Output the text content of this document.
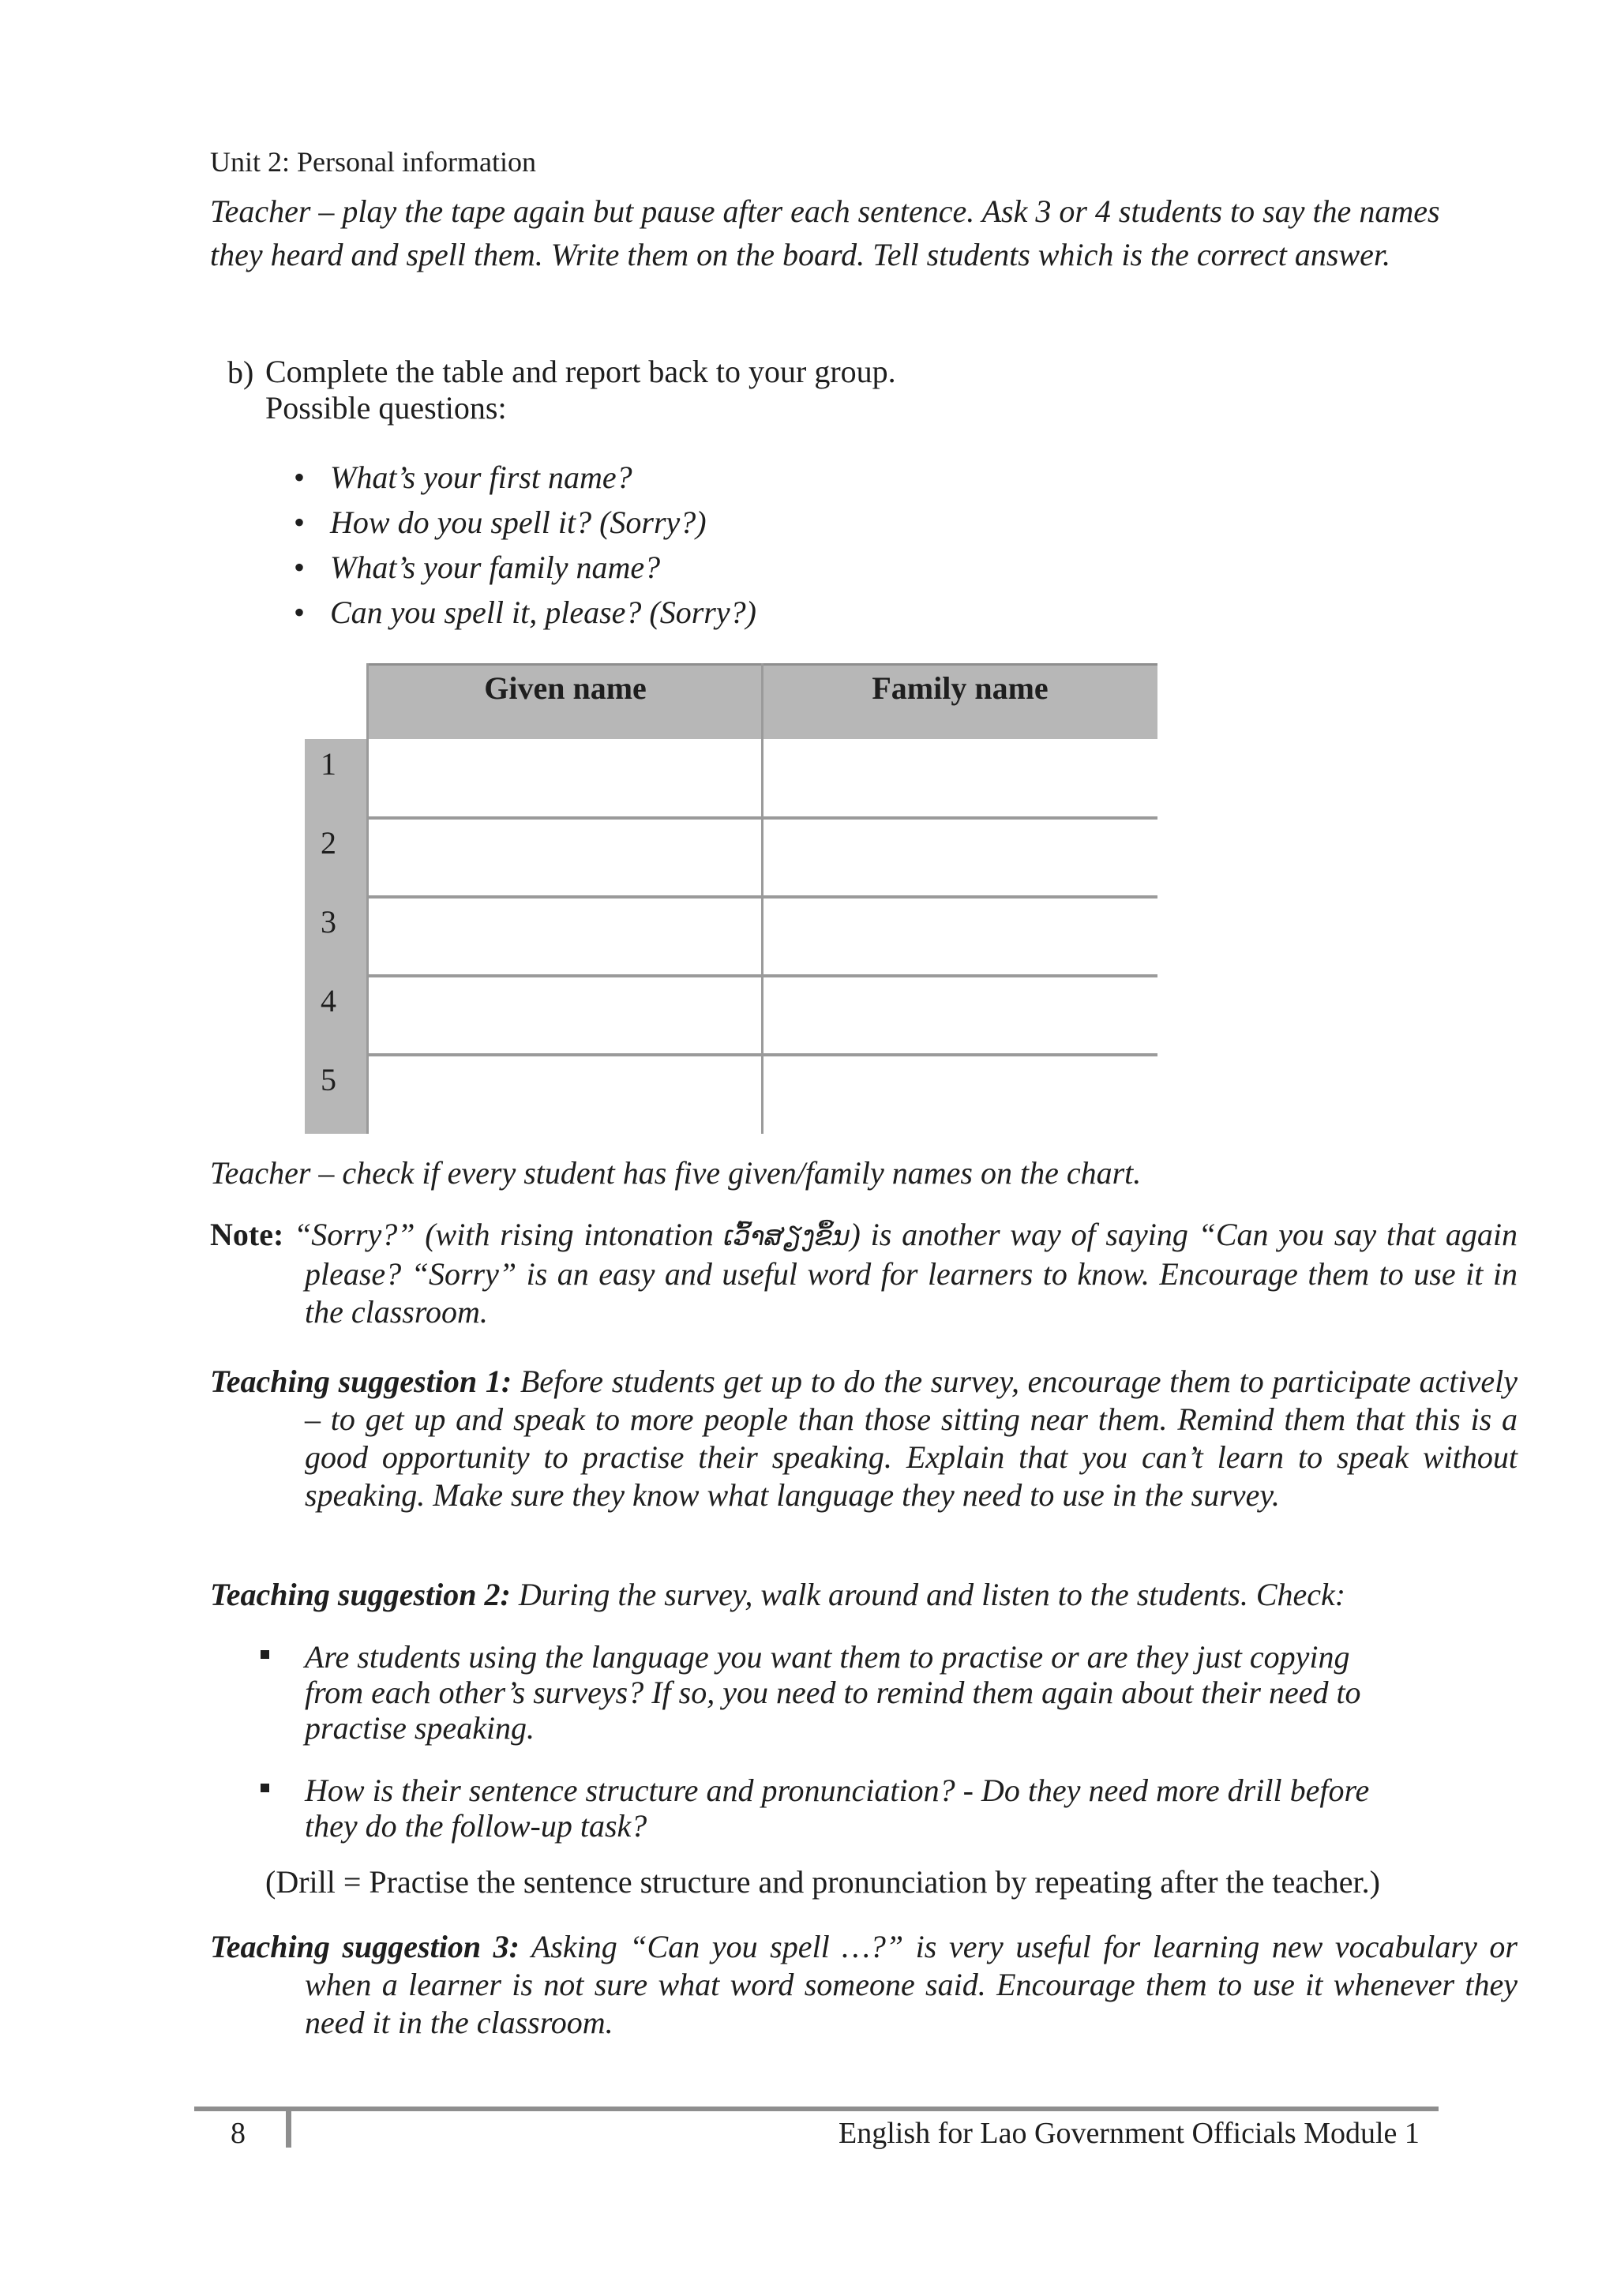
Unit 2: Personal information
Teacher – play the tape again but pause after each sentence. Ask 3 or 4 students to say the names they heard and spell them. Write them on the board. Tell students which is the correct answer.
b) Complete the table and report back to your group.
Possible questions:
• What’s your first name?
• How do you spell it? (Sorry?)
• What’s your family name?
• Can you spell it, please? (Sorry?)
Given name	Family name
1
2
3
4
5
Teacher – check if every student has five given/family names on the chart.
Note: “Sorry?” (with rising intonation ເວົ້າສຽງຂຶ້ນ) is another way of saying “Can you say that again please? “Sorry” is an easy and useful word for learners to know. Encourage them to use it in the classroom.
Teaching suggestion 1: Before students get up to do the survey, encourage them to participate actively – to get up and speak to more people than those sitting near them. Remind them that this is a good opportunity to practise their speaking. Explain that you can’t learn to speak without speaking. Make sure they know what language they need to use in the survey.
Teaching suggestion 2: During the survey, walk around and listen to the students. Check:
Are students using the language you want them to practise or are they just copying from each other’s surveys? If so, you need to remind them again about their need to practise speaking.
How is their sentence structure and pronunciation? - Do they need more drill before they do the follow-up task?
(Drill = Practise the sentence structure and pronunciation by repeating after the teacher.)
Teaching suggestion 3: Asking “Can you spell …?” is very useful for learning new vocabulary or when a learner is not sure what word someone said. Encourage them to use it whenever they need it in the classroom.
8	English for Lao Government Officials Module 1
